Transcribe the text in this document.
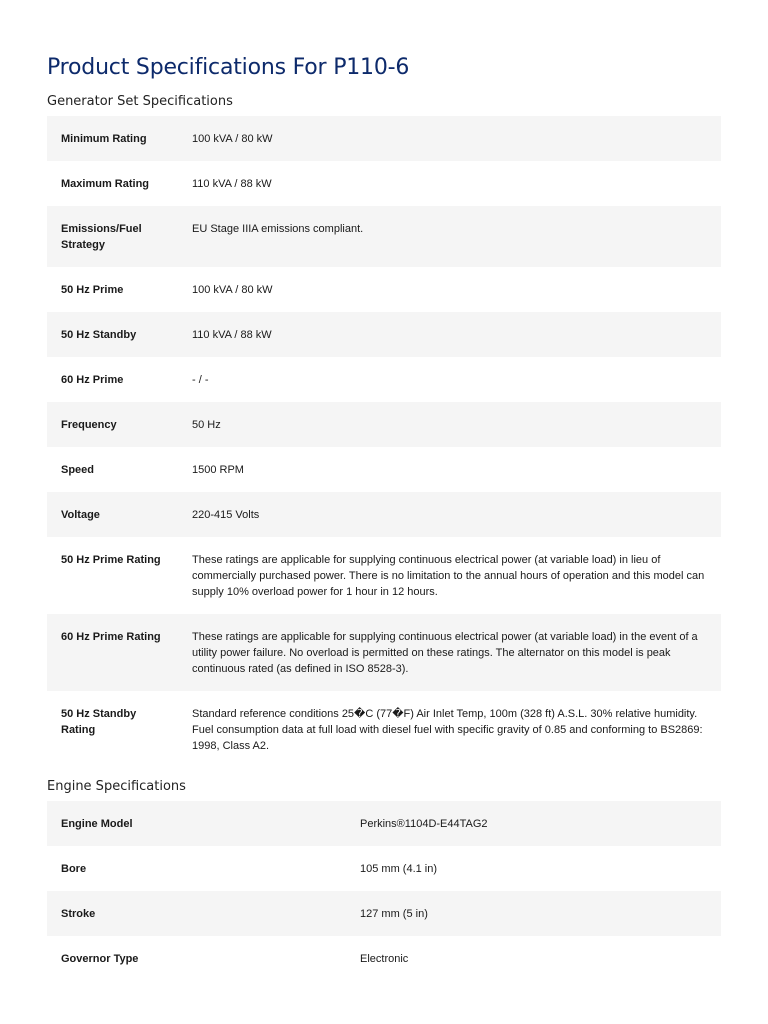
Product Specifications For P110-6
Generator Set Specifications
Minimum Rating	100 kVA / 80 kW
Maximum Rating	110 kVA / 88 kW
Emissions/Fuel Strategy	EU Stage IIIA emissions compliant.
50 Hz Prime	100 kVA / 80 kW
50 Hz Standby	110 kVA / 88 kW
60 Hz Prime	- / -
Frequency	50 Hz
Speed	1500 RPM
Voltage	220-415 Volts
50 Hz Prime Rating	These ratings are applicable for supplying continuous electrical power (at variable load) in lieu of commercially purchased power. There is no limitation to the annual hours of operation and this model can supply 10% overload power for 1 hour in 12 hours.
60 Hz Prime Rating	These ratings are applicable for supplying continuous electrical power (at variable load) in the event of a utility power failure. No overload is permitted on these ratings. The alternator on this model is peak continuous rated (as defined in ISO 8528-3).
50 Hz Standby Rating	Standard reference conditions 25�C (77�F) Air Inlet Temp, 100m (328 ft) A.S.L. 30% relative humidity. Fuel consumption data at full load with diesel fuel with specific gravity of 0.85 and conforming to BS2869: 1998, Class A2.
Engine Specifications
Engine Model	Perkins®1104D-E44TAG2
Bore	105 mm (4.1 in)
Stroke	127 mm (5 in)
Governor Type	Electronic
